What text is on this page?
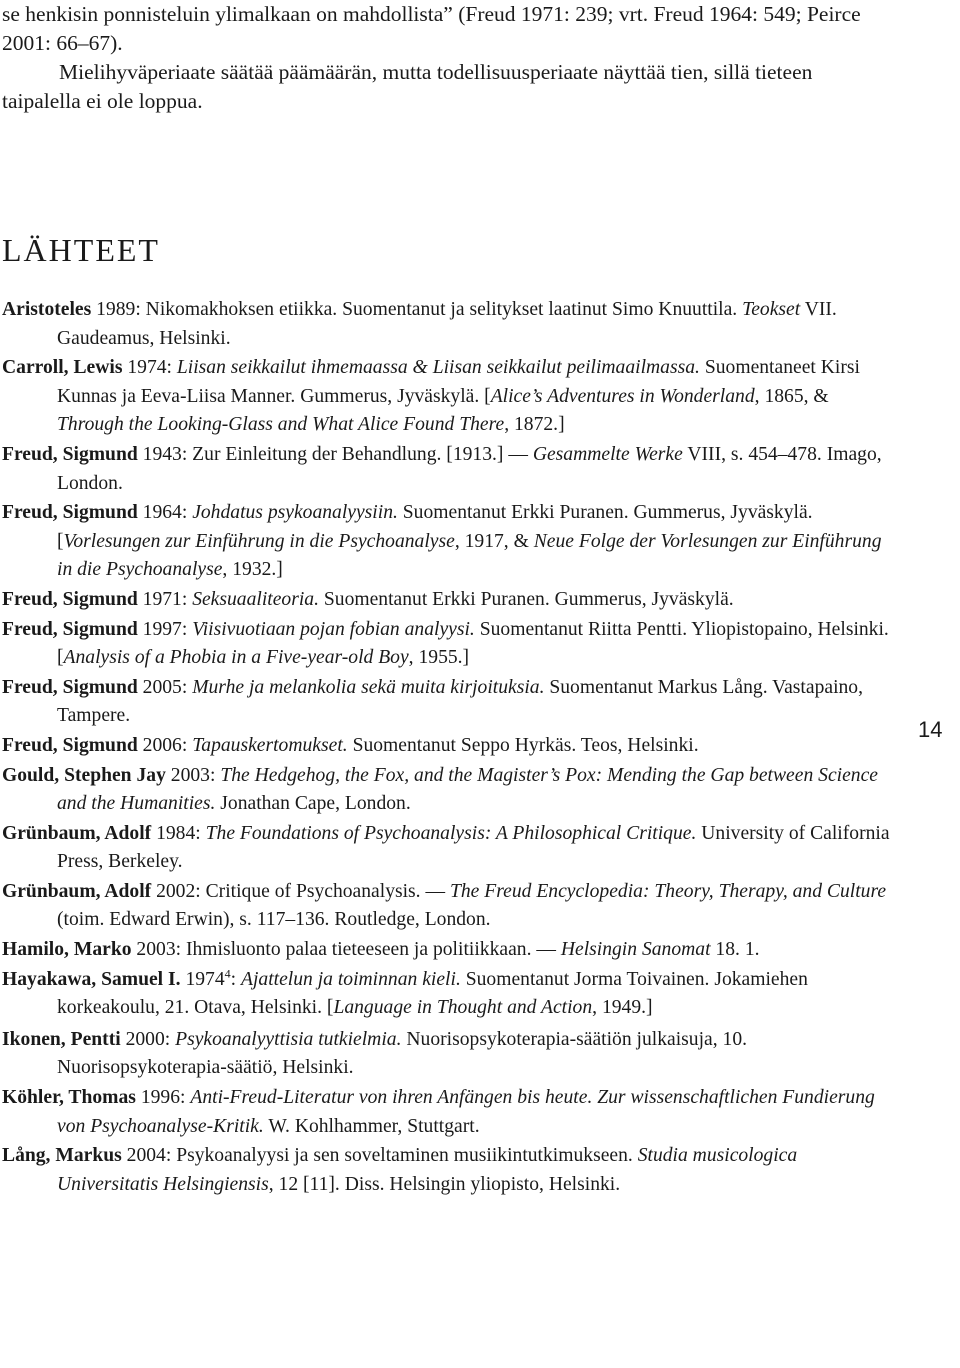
se henkisin ponnisteluin ylimalkaan on mahdollista” (Freud 1971: 239; vrt. Freud 1964: 549; Peirce 2001: 66–67).
Mielihyväperiaate säätää päämäärän, mutta todellisuusperiaate näyttää tien, sillä tieteen taipalella ei ole loppua.

LÄHTEET

Aristoteles 1989: Nikomakhoksen etiikka. Suomentanut ja selitykset laatinut Simo Knuuttila. Teokset VII. Gaudeamus, Helsinki.

Carroll, Lewis 1974: Liisan seikkailut ihmemaassa & Liisan seikkailut peilimaailmassa. Suomentaneet Kirsi Kunnas ja Eeva-Liisa Manner. Gummerus, Jyväskylä. [Alice’s Adventures in Wonderland, 1865, & Through the Looking-Glass and What Alice Found There, 1872.]

Freud, Sigmund 1943: Zur Einleitung der Behandlung. [1913.] — Gesammelte Werke VIII, s. 454–478. Imago, London.

Freud, Sigmund 1964: Johdatus psykoanalyysiin. Suomentanut Erkki Puranen. Gummerus, Jyväskylä. [Vorlesungen zur Einführung in die Psychoanalyse, 1917, & Neue Folge der Vorlesungen zur Einführung in die Psychoanalyse, 1932.]

Freud, Sigmund 1971: Seksuaaliteoria. Suomentanut Erkki Puranen. Gummerus, Jyväskylä.

Freud, Sigmund 1997: Viisivuotiaan pojan fobian analyysi. Suomentanut Riitta Pentti. Yliopistopaino, Helsinki. [Analysis of a Phobia in a Five-year-old Boy, 1955.]

Freud, Sigmund 2005: Murhe ja melankolia sekä muita kirjoituksia. Suomentanut Markus Lång. Vastapaino, Tampere.

Freud, Sigmund 2006: Tapauskertomukset. Suomentanut Seppo Hyrkäs. Teos, Helsinki.

Gould, Stephen Jay 2003: The Hedgehog, the Fox, and the Magister’s Pox: Mending the Gap between Science and the Humanities. Jonathan Cape, London.

Grünbaum, Adolf 1984: The Foundations of Psychoanalysis: A Philosophical Critique. University of California Press, Berkeley.

Grünbaum, Adolf 2002: Critique of Psychoanalysis. — The Freud Encyclopedia: Theory, Therapy, and Culture (toim. Edward Erwin), s. 117–136. Routledge, London.

Hamilo, Marko 2003: Ihmisluonto palaa tieteeseen ja politiikkaan. — Helsingin Sanomat 18. 1.

Hayakawa, Samuel I. 1974$^4$: Ajattelun ja toiminnan kieli. Suomentanut Jorma Toivainen. Jokamiehen korkeakoulu, 21. Otava, Helsinki. [Language in Thought and Action, 1949.]

Ikonen, Pentti 2000: Psykoanalyyttisia tutkielmia. Nuorisopsykoterapia-säätiön julkaisuja, 10. Nuorisopsykoterapia-säätiö, Helsinki.

Köhler, Thomas 1996: Anti-Freud-Literatur von ihren Anfängen bis heute. Zur wissenschaftlichen Fundierung von Psychoanalyse-Kritik. W. Kohlhammer, Stuttgart.

Lång, Markus 2004: Psykoanalyysi ja sen soveltaminen musiikintutkimukseen. Studia musicologica Universitatis Helsingiensis, 12 [11]. Diss. Helsingin yliopisto, Helsinki.

14
